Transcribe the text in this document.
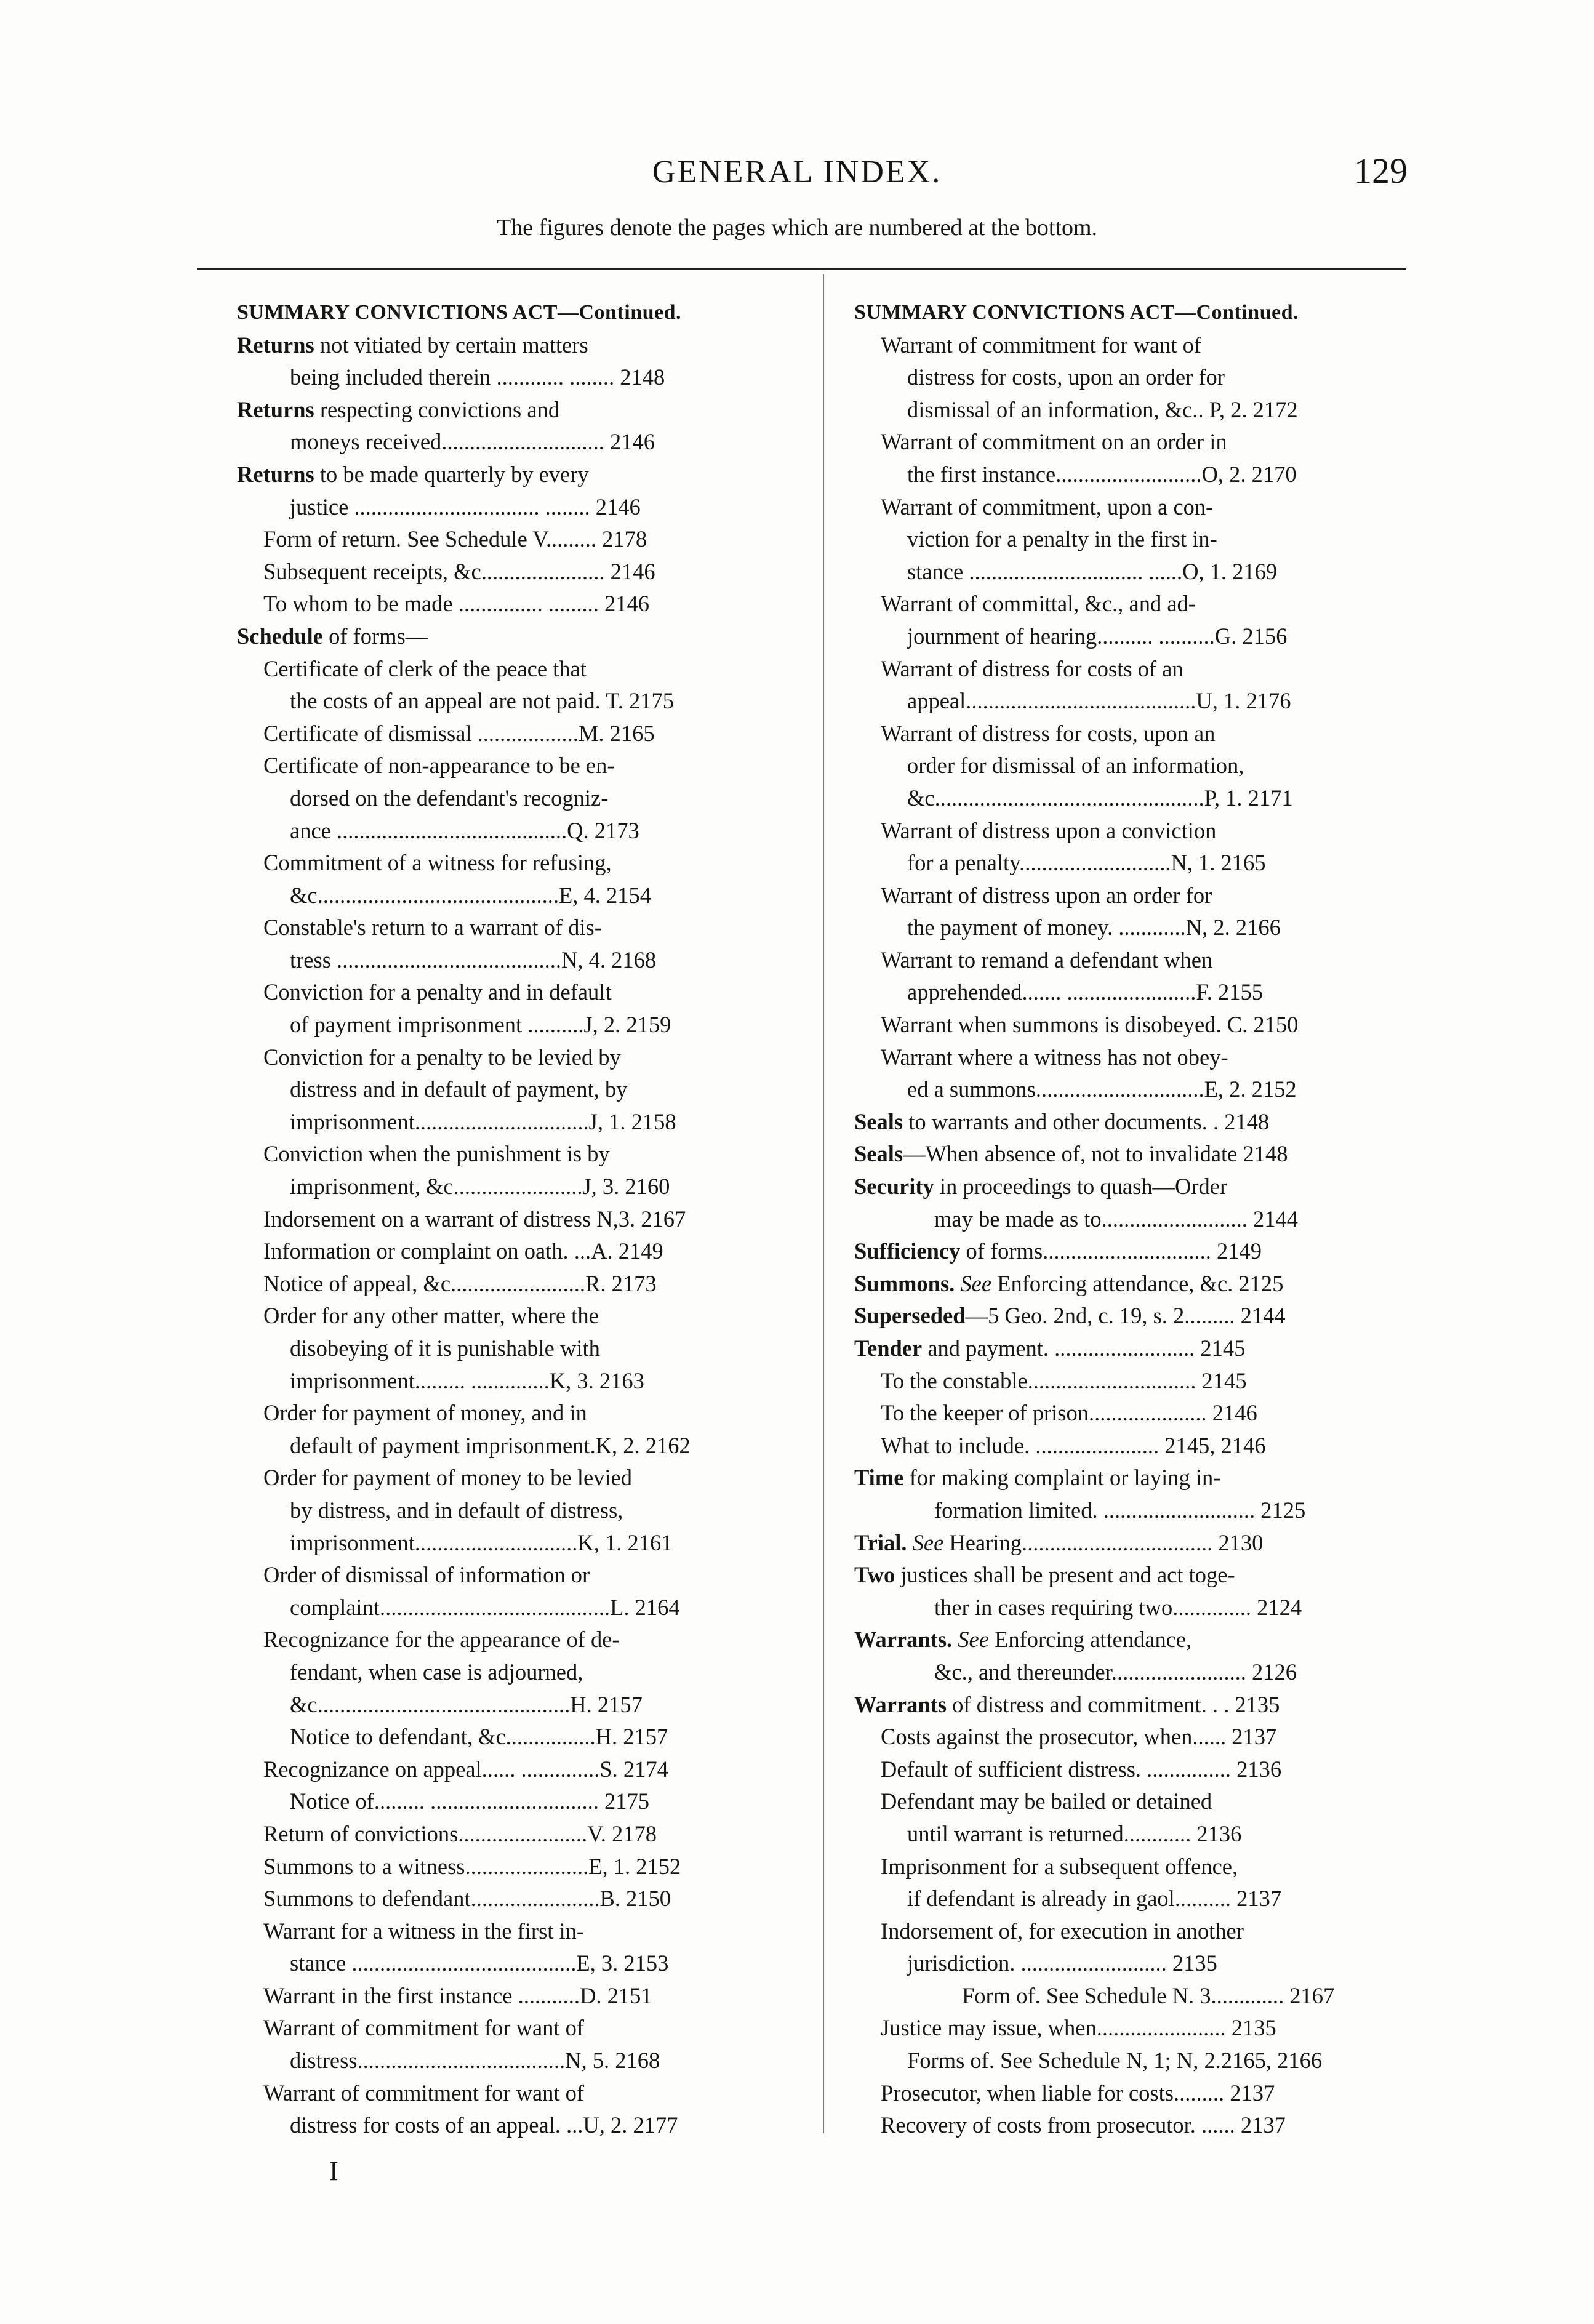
GENERAL INDEX.	129
The figures denote the pages which are numbered at the bottom.
SUMMARY CONVICTIONS ACT—Continued.
Returns not vitiated by certain matters
being included therein ............ ........ 2148
Returns respecting convictions and
moneys received............................. 2146
Returns to be made quarterly by every
justice ................................. ........ 2146
Form of return. See Schedule V......... 2178
Subsequent receipts, &c...................... 2146
To whom to be made ............... ......... 2146
Schedule of forms—
Certificate of clerk of the peace that
the costs of an appeal are not paid. T. 2175
Certificate of dismissal ..................M. 2165
Certificate of non-appearance to be en-
dorsed on the defendant's recogniz-
ance .........................................Q. 2173
Commitment of a witness for refusing,
&c...........................................E, 4. 2154
Constable's return to a warrant of dis-
tress ........................................N, 4. 2168
Conviction for a penalty and in default
of payment imprisonment ..........J, 2. 2159
Conviction for a penalty to be levied by
distress and in default of payment, by
imprisonment...............................J, 1. 2158
Conviction when the punishment is by
imprisonment, &c.......................J, 3. 2160
Indorsement on a warrant of distress N,3. 2167
Information or complaint on oath. ...A. 2149
Notice of appeal, &c........................R. 2173
Order for any other matter, where the
disobeying of it is punishable with
imprisonment......... ..............K, 3. 2163
Order for payment of money, and in
default of payment imprisonment.K, 2. 2162
Order for payment of money to be levied
by distress, and in default of distress,
imprisonment.............................K, 1. 2161
Order of dismissal of information or
complaint.........................................L. 2164
Recognizance for the appearance of de-
fendant, when case is adjourned,
&c.............................................H. 2157
Notice to defendant, &c................H. 2157
Recognizance on appeal...... ..............S. 2174
Notice of......... .............................. 2175
Return of convictions.......................V. 2178
Summons to a witness......................E, 1. 2152
Summons to defendant.......................B. 2150
Warrant for a witness in the first in-
stance ........................................E, 3. 2153
Warrant in the first instance ...........D. 2151
Warrant of commitment for want of
distress.....................................N, 5. 2168
Warrant of commitment for want of
distress for costs of an appeal. ...U, 2. 2177
SUMMARY CONVICTIONS ACT—Continued.
Warrant of commitment for want of
distress for costs, upon an order for
dismissal of an information, &c.. P, 2. 2172
Warrant of commitment on an order in
the first instance..........................O, 2. 2170
Warrant of commitment, upon a con-
viction for a penalty in the first in-
stance ............................... ......O, 1. 2169
Warrant of committal, &c., and ad-
journment of hearing.......... ..........G. 2156
Warrant of distress for costs of an
appeal.........................................U, 1. 2176
Warrant of distress for costs, upon an
order for dismissal of an information,
&c................................................P, 1. 2171
Warrant of distress upon a conviction
for a penalty...........................N, 1. 2165
Warrant of distress upon an order for
the payment of money. ............N, 2. 2166
Warrant to remand a defendant when
apprehended....... .......................F. 2155
Warrant when summons is disobeyed. C. 2150
Warrant where a witness has not obey-
ed a summons..............................E, 2. 2152
Seals to warrants and other documents. . 2148
Seals—When absence of, not to invalidate 2148
Security in proceedings to quash—Order
may be made as to.......................... 2144
Sufficiency of forms.............................. 2149
Summons. See Enforcing attendance, &c. 2125
Superseded—5 Geo. 2nd, c. 19, s. 2......... 2144
Tender and payment. ......................... 2145
To the constable.............................. 2145
To the keeper of prison..................... 2146
What to include. ...................... 2145, 2146
Time for making complaint or laying in-
formation limited. ........................... 2125
Trial. See Hearing.................................. 2130
Two justices shall be present and act toge-
ther in cases requiring two.............. 2124
Warrants. See Enforcing attendance,
&c., and thereunder........................ 2126
Warrants of distress and commitment. . . 2135
Costs against the prosecutor, when...... 2137
Default of sufficient distress. ............... 2136
Defendant may be bailed or detained
until warrant is returned............ 2136
Imprisonment for a subsequent offence,
if defendant is already in gaol.......... 2137
Indorsement of, for execution in another
jurisdiction. .......................... 2135
Form of. See Schedule N. 3............. 2167
Justice may issue, when....................... 2135
Forms of. See Schedule N, 1; N, 2.2165, 2166
Prosecutor, when liable for costs......... 2137
Recovery of costs from prosecutor. ...... 2137
I
